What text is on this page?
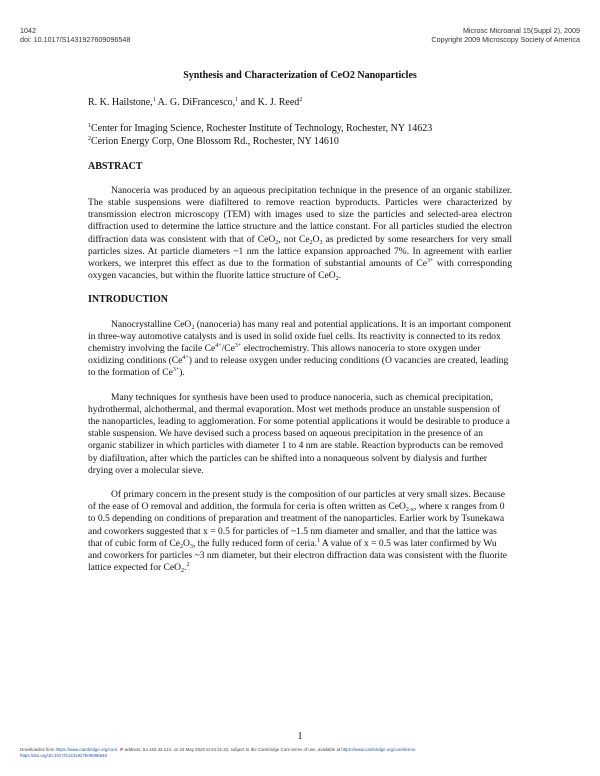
1042
doi: 10.1017/S1431927609096548
Microsc Microanal 15(Suppl 2), 2009
Copyright 2009 Microscopy Society of America
Synthesis and Characterization of CeO2 Nanoparticles
R. K. Hailstone,$^1$ A. G. DiFrancesco,$^1$ and K. J. Reed$^2$

$^1$Center for Imaging Science, Rochester Institute of Technology, Rochester, NY 14623

$^2$Cerion Energy Corp, One Blossom Rd., Rochester, NY 14610

ABSTRACT

Nanoceria was produced by an aqueous precipitation technique in the presence of an organic stabilizer. The stable suspensions were diafiltered to remove reaction byproducts. Particles were characterized by transmission electron microscopy (TEM) with images used to size the particles and selected-area electron diffraction used to determine the lattice structure and the lattice constant. For all particles studied the electron diffraction data was consistent with that of CeO$_2$, not $Ce_2O_3$ as predicted by some researchers for very small particles sizes. At particle diameters ~1 nm the lattice expansion approached 7%. In agreement with earlier workers, we interpret this effect as due to the formation of substantial amounts of $Ce^{3+}$ with corresponding oxygen vacancies, but within the fluorite lattice structure of CeO$_2$.

INTRODUCTION

Nanocrystalline CeO$_2$ (nanoceria) has many real and potential applications. It is an important component in three-way automotive catalysts and is used in solid oxide fuel cells. Its reactivity is connected to its redox chemistry involving the facile $Ce^{4+}/Ce^{3+}$ electrochemistry. This allows nanoceria to store oxygen under oxidizing conditions $(Ce^{4+})$ and to release oxygen under reducing conditions (O vacancies are created, leading to the formation of $Ce^{3+}$).

Many techniques for synthesis have been used to produce nanoceria, such as chemical precipitation, hydrothermal, alchothermal, and thermal evaporation. Most wet methods produce an unstable suspension of the nanoparticles, leading to agglomeration. For some potential applications it would be desirable to produce a stable suspension. We have devised such a process based on aqueous precipitation in the presence of an organic stabilizer in which particles with diameter 1 to 4 nm are stable. Reaction byproducts can be removed by diafiltration, after which the particles can be shifted into a nonaqueous solvent by dialysis and further drying over a molecular sieve.

Of primary concern in the present study is the composition of our particles at very small sizes. Because of the ease of O removal and addition, the formula for ceria is often written as CeO$_{2-x}$, where x ranges from 0 to 0.5 depending on conditions of preparation and treatment of the nanoparticles. Earlier work by Tsunekawa and coworkers suggested that x = 0.5 for particles of ~1.5 nm diameter and smaller, and that the lattice was that of cubic form of $Ce_2O_3$, the fully reduced form of ceria.$^1$ A value of x = 0.5 was later confirmed by Wu and coworkers for particles ~3 nm diameter, but their electron diffraction data was consistent with the fluorite lattice expected for CeO$_2$.$^2$

1
Downloaded from https://www.cambridge.org/core. IP address: 54.163.42.124, on 22 May 2020 at 04:31:22, subject to the Cambridge Core terms of use, available at https://www.cambridge.org/core/terms.
https://doi.org/10.1017/S1431927609096548
